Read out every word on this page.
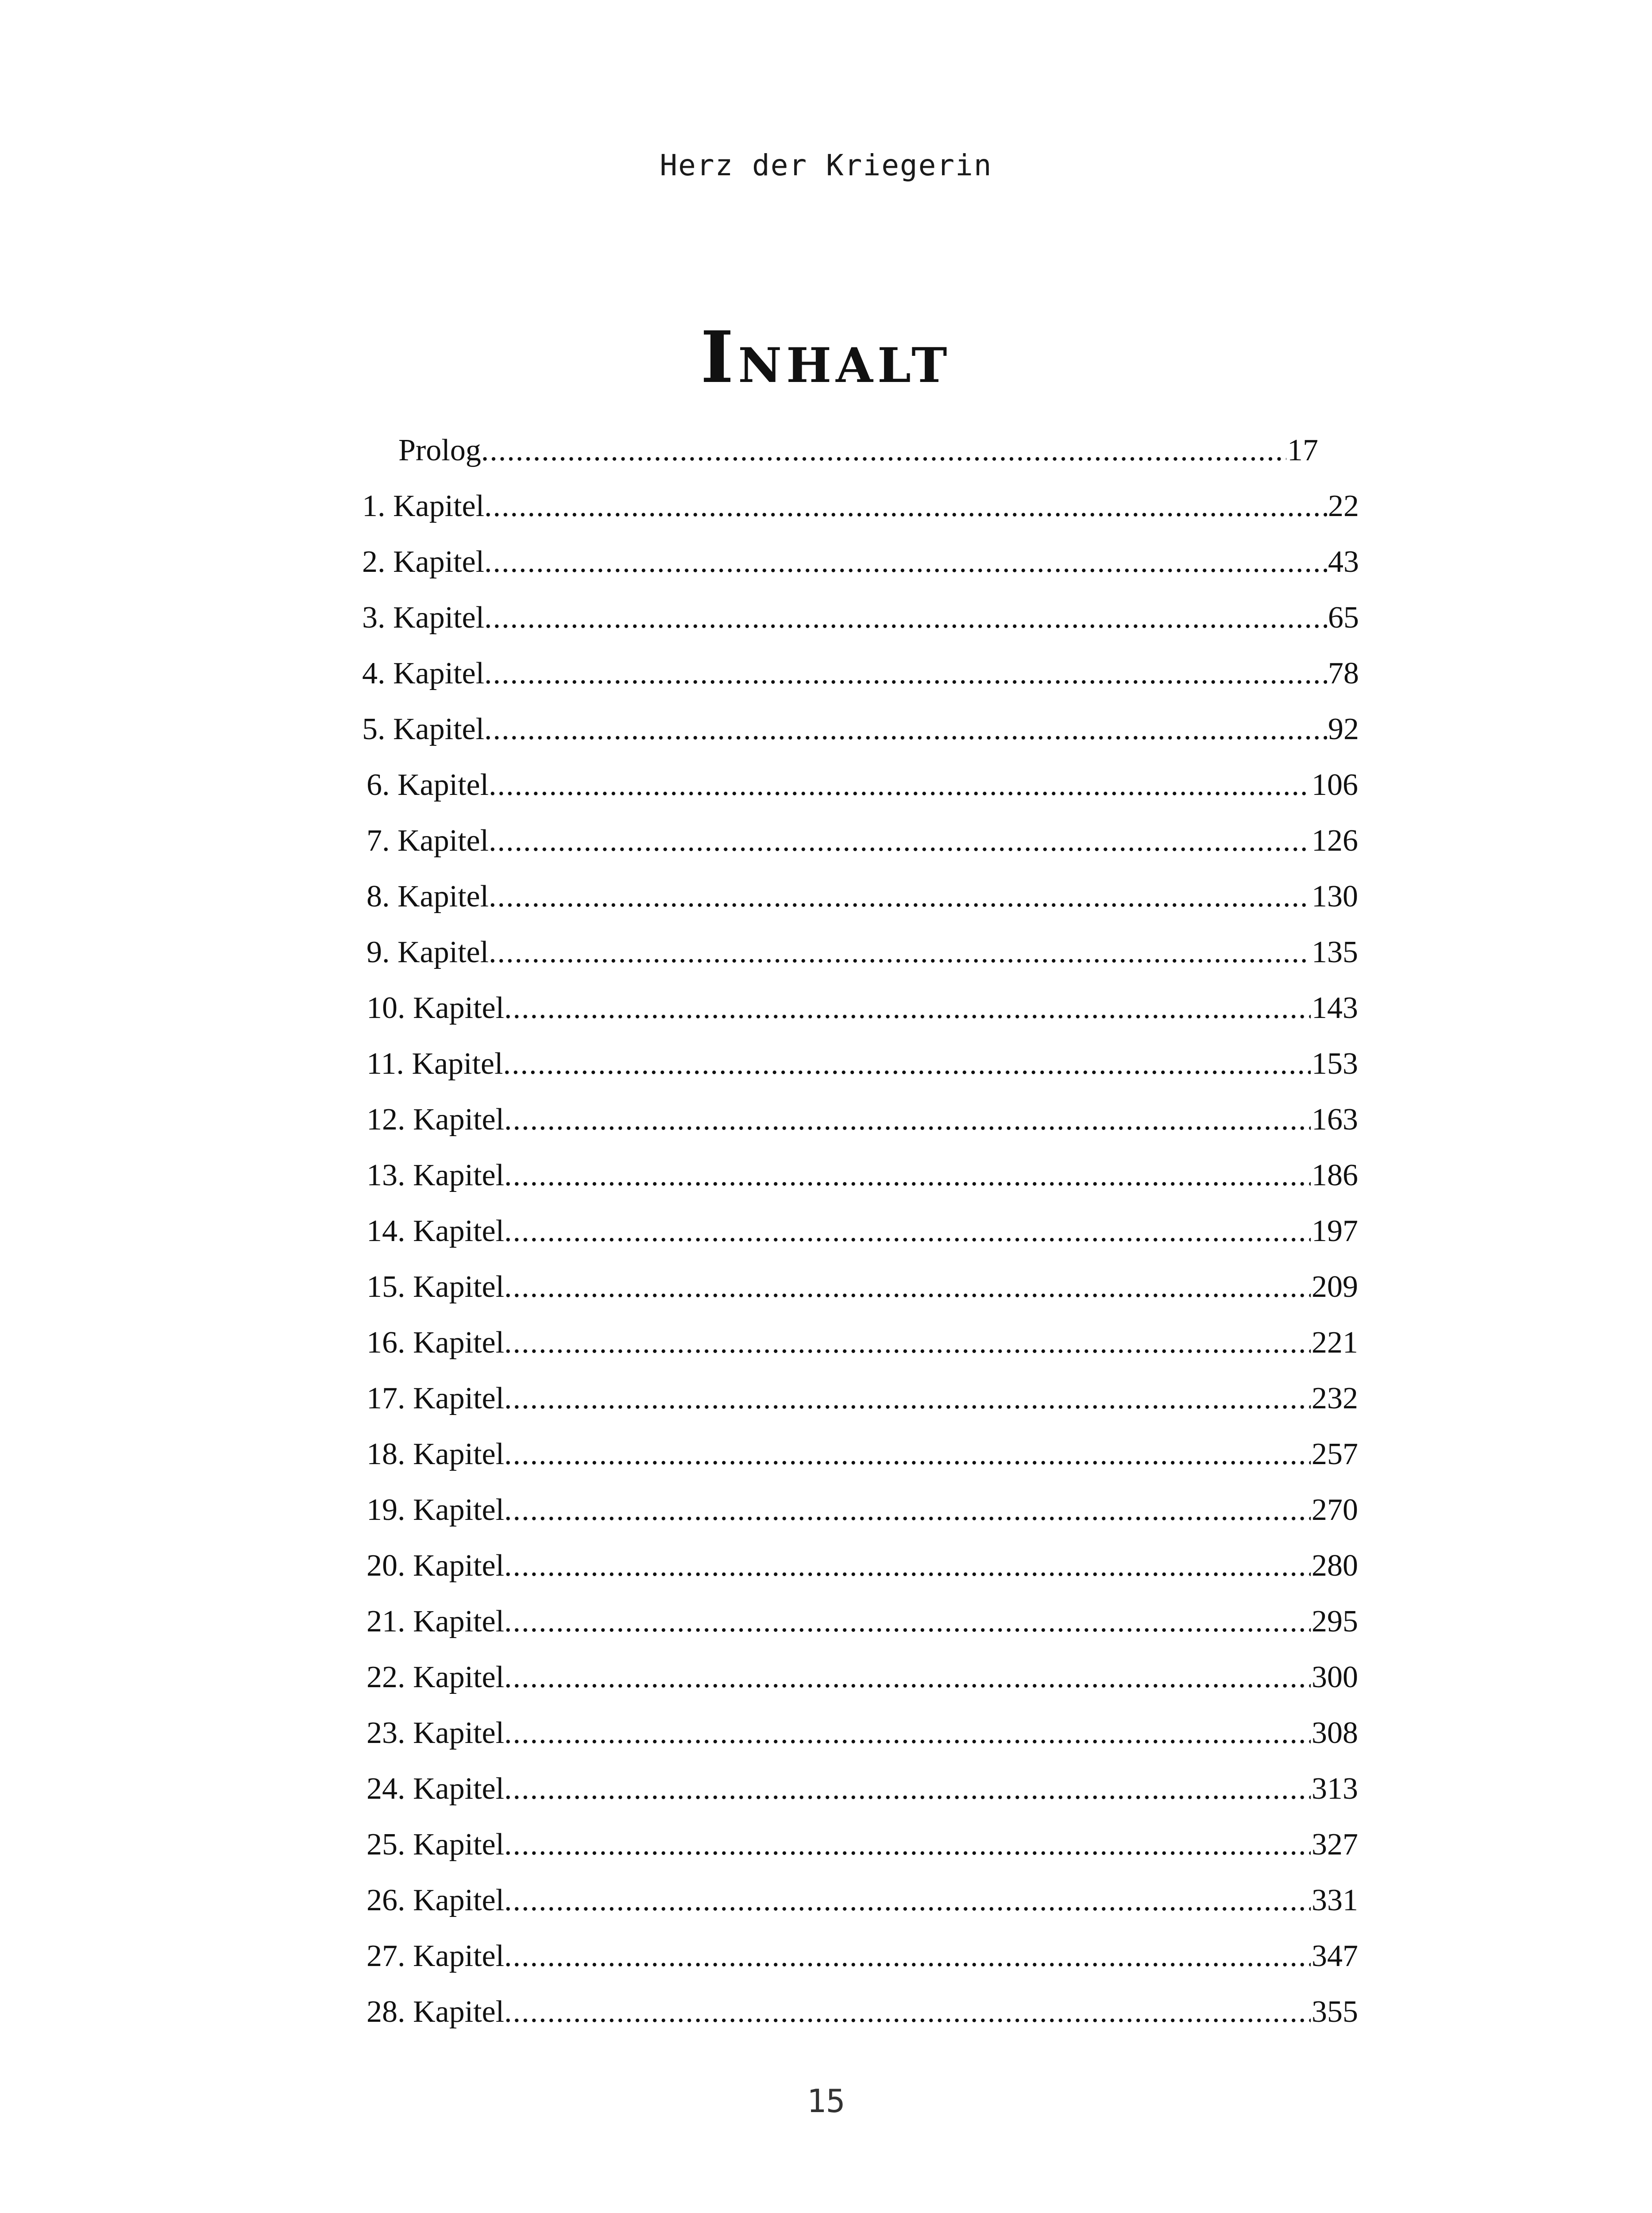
Herz der Kriegerin
INHALT
Prolog .....	17
1. Kapitel .....	22
2. Kapitel .....	43
3. Kapitel .....	65
4. Kapitel .....	78
5. Kapitel .....	92
6. Kapitel .....	106
7. Kapitel .....	126
8. Kapitel .....	130
9. Kapitel .....	135
10. Kapitel .....	143
11. Kapitel .....	153
12. Kapitel .....	163
13. Kapitel .....	186
14. Kapitel .....	197
15. Kapitel .....	209
16. Kapitel .....	221
17. Kapitel .....	232
18. Kapitel .....	257
19. Kapitel .....	270
20. Kapitel .....	280
21. Kapitel .....	295
22. Kapitel .....	300
23. Kapitel .....	308
24. Kapitel .....	313
25. Kapitel .....	327
26. Kapitel .....	331
27. Kapitel .....	347
28. Kapitel .....	355
15
